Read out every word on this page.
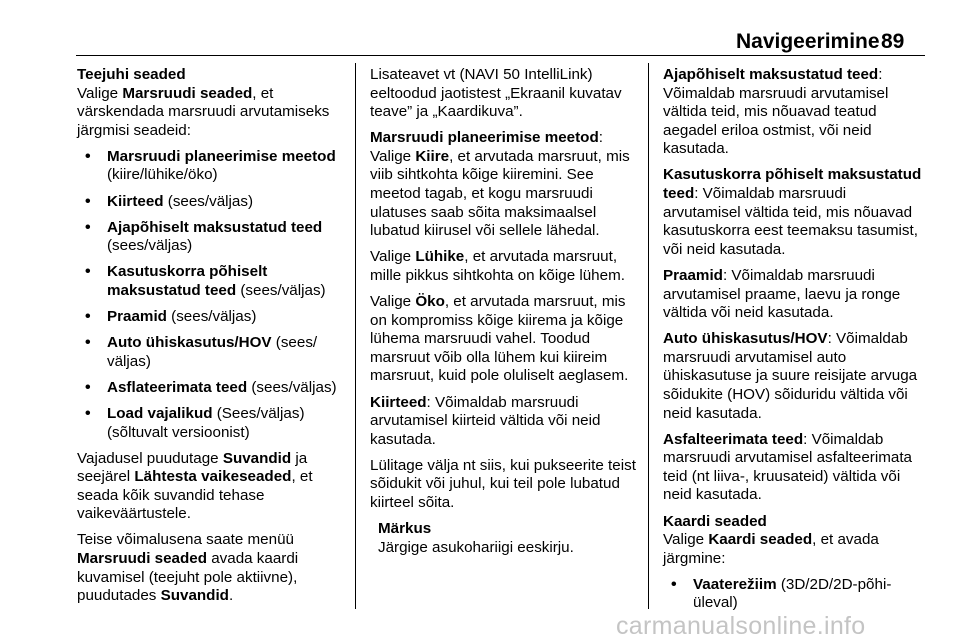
Navigeerimine 89
Teejuhi seaded

Valige Marsruudi seaded, et värskendada marsruudi arvutamiseks järgmisi seadeid:

• Marsruudi planeerimise meetod (kiire/lühike/öko)
• Kiirteed (sees/väljas)
• Ajapõhiselt maksustatud teed (sees/väljas)
• Kasutuskorra põhiselt maksustatud teed (sees/väljas)
• Praamid (sees/väljas)
• Auto ühiskasutus/HOV (sees/ väljas)
• Asflateerimata teed (sees/väljas)
• Load vajalikud (Sees/väljas) (sõltuvalt versioonist)

Vajadusel puudutage Suvandid ja seejärel Lähtesta vaikeseaded, et seada kõik suvandid tehase vaikeväärtustele.

Teise võimalusena saate menüü Marsruudi seaded avada kaardi kuvamisel (teejuht pole aktiivne), puudutades Suvandid.

Lisateavet vt (NAVI 50 IntelliLink) eeltoodud jaotistest „Ekraanil kuvatav teave” ja „Kaardikuva”.

Marsruudi planeerimise meetod: Valige Kiire, et arvutada marsruut, mis viib sihtkohta kõige kiiremini. See meetod tagab, et kogu marsruudi ulatuses saab sõita maksimaalsel lubatud kiirusel või sellele lähedal.

Valige Lühike, et arvutada marsruut, mille pikkus sihtkohta on kõige lühem.

Valige Öko, et arvutada marsruut, mis on kompromiss kõige kiirema ja kõige lühema marsruudi vahel. Toodud marsruut võib olla lühem kui kiireim marsruut, kuid pole oluliselt aeglasem.

Kiirteed: Võimaldab marsruudi arvutamisel kiirteid vältida või neid kasutada.

Lülitage välja nt siis, kui pukseerite teist sõidukit või juhul, kui teil pole lubatud kiirteel sõita.

Märkus
Järgige asukohariigi eeskirju.

Ajapõhiselt maksustatud teed: Võimaldab marsruudi arvutamisel vältida teid, mis nõuavad teatud aegadel eriloa ostmist, või neid kasutada.

Kasutuskorra põhiselt maksustatud teed: Võimaldab marsruudi arvutamisel vältida teid, mis nõuavad kasutuskorra eest teemaksu tasumist, või neid kasutada.

Praamid: Võimaldab marsruudi arvutamisel praame, laevu ja ronge vältida või neid kasutada.

Auto ühiskasutus/HOV: Võimaldab marsruudi arvutamisel auto ühiskasutuse ja suure reisijate arvuga sõidukite (HOV) sõiduridu vältida või neid kasutada.

Asfalteerimata teed: Võimaldab marsruudi arvutamisel asfalteerimata teid (nt liiva-, kruusateid) vältida või neid kasutada.

Kaardi seaded

Valige Kaardi seaded, et avada järgmine:

• Vaaterežiim (3D/2D/2D-põhi- üleval)
carmanualsonline.info
